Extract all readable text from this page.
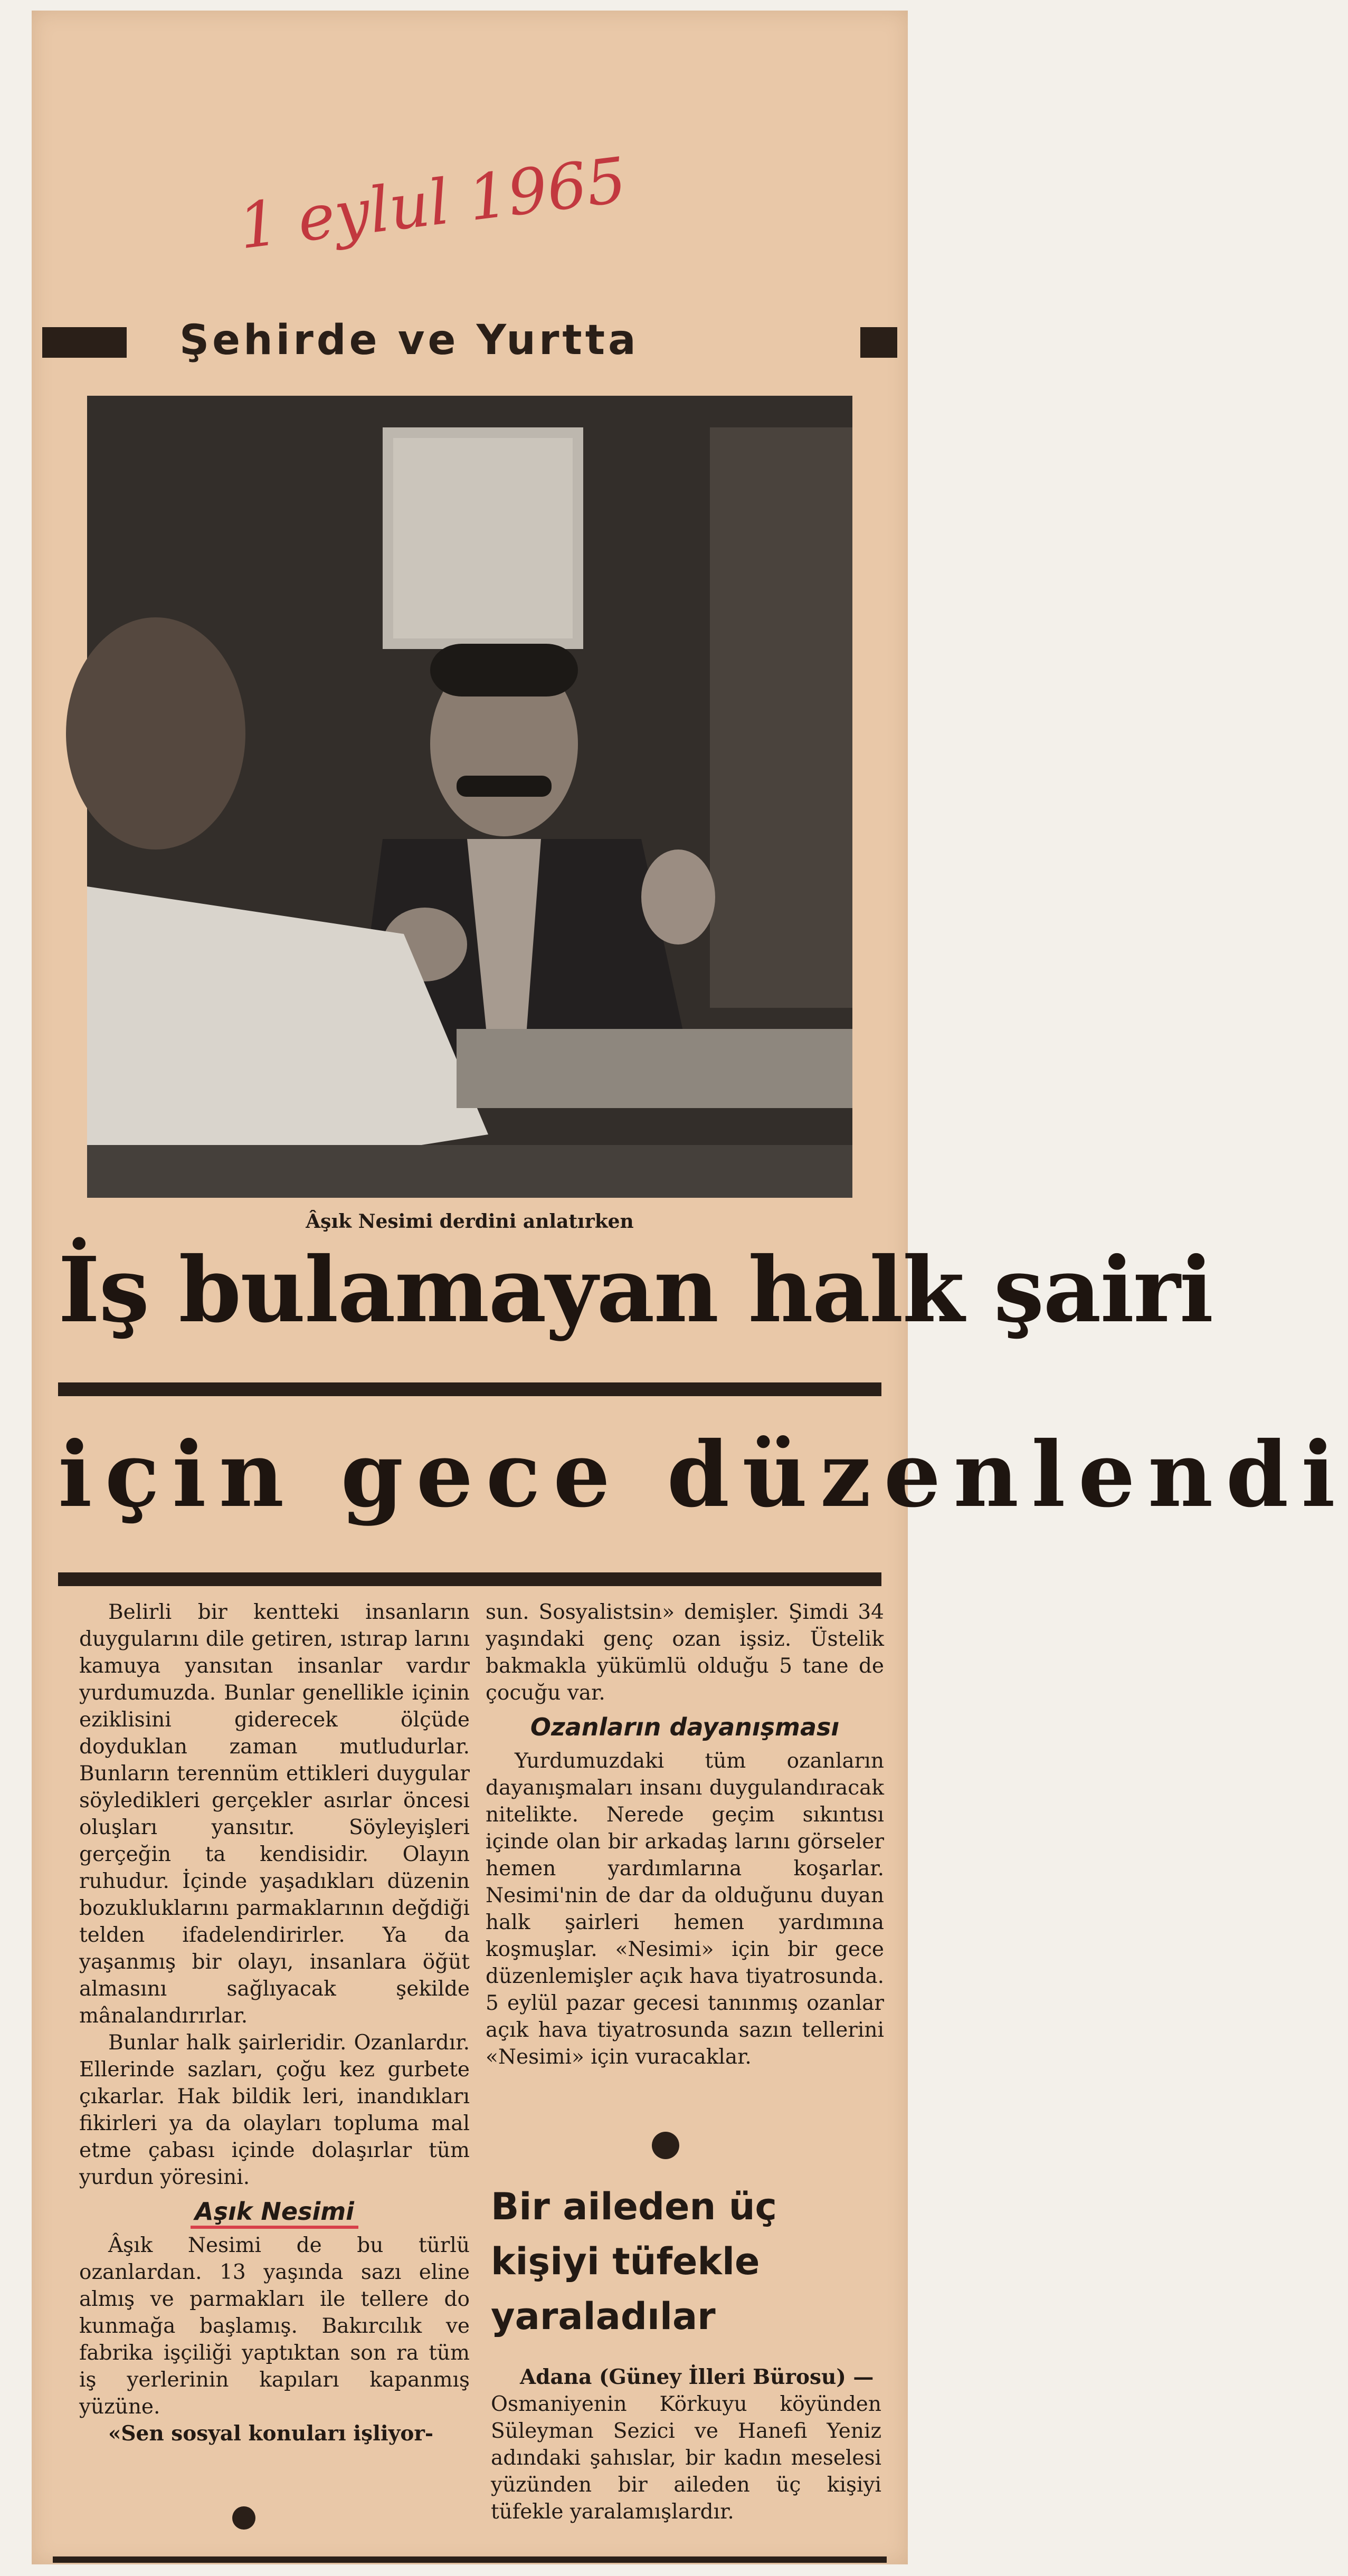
1 eylul 1965
Şehirde ve Yurtta
Âşık Nesimi derdini anlatırken
İş bulamayan halk şairi
için gece düzenlendi

Belirli bir kentteki insanların duygularını dile getiren, ıstırap larını kamuya yansıtan insanlar vardır yurdumuzda. Bunlar genellikle içinin eziklisini giderecek ölçüde doyduklan zaman mutludurlar. Bunların terennüm ettikleri duygular söyledikleri gerçekler asırlar öncesi oluşları yansıtır. Söyleyişleri gerçeğin ta kendisidir. Olayın ruhudur. İçinde yaşadıkları düzenin bozukluklarını parmaklarının değdiği telden ifadelendirirler. Ya da yaşanmış bir olayı, insanlara öğüt almasını sağlıyacak şekilde mânalandırırlar.

Bunlar halk şairleridir. Ozanlardır. Ellerinde sazları, çoğu kez gurbete çıkarlar. Hak bildik leri, inandıkları fikirleri ya da olayları topluma mal etme çabası içinde dolaşırlar tüm yurdun yöresini.

Aşık Nesimi

Âşık Nesimi de bu türlü ozanlardan. 13 yaşında sazı eline almış ve parmakları ile tellere do kunmağa başlamış. Bakırcılık ve fabrika işçiliği yaptıktan son ra tüm iş yerlerinin kapıları kapanmış yüzüne.

«Sen sosyal konuları işliyor-

sun. Sosyalistsin» demişler. Şimdi 34 yaşındaki genç ozan işsiz. Üstelik bakmakla yükümlü olduğu 5 tane de çocuğu var.

Ozanların dayanışması

Yurdumuzdaki tüm ozanların dayanışmaları insanı duygulandıracak nitelikte. Nerede geçim sıkıntısı içinde olan bir arkadaş larını görseler hemen yardımlarına koşarlar. Nesimi'nin de dar da olduğunu duyan halk şairleri hemen yardımına koşmuşlar. «Nesimi» için bir gece düzenlemişler açık hava tiyatrosunda. 5 eylül pazar gecesi tanınmış ozanlar açık hava tiyatrosunda sazın tellerini «Nesimi» için vuracaklar.

Bir aileden üç
kişiyi tüfekle
yaraladılar

Adana (Güney İlleri Bürosu) —

Osmaniyenin Körkuyu köyünden Süleyman Sezici ve Hanefi Yeniz adındaki şahıslar, bir kadın meselesi yüzünden bir aileden üç kişiyi tüfekle yaralamışlardır.
